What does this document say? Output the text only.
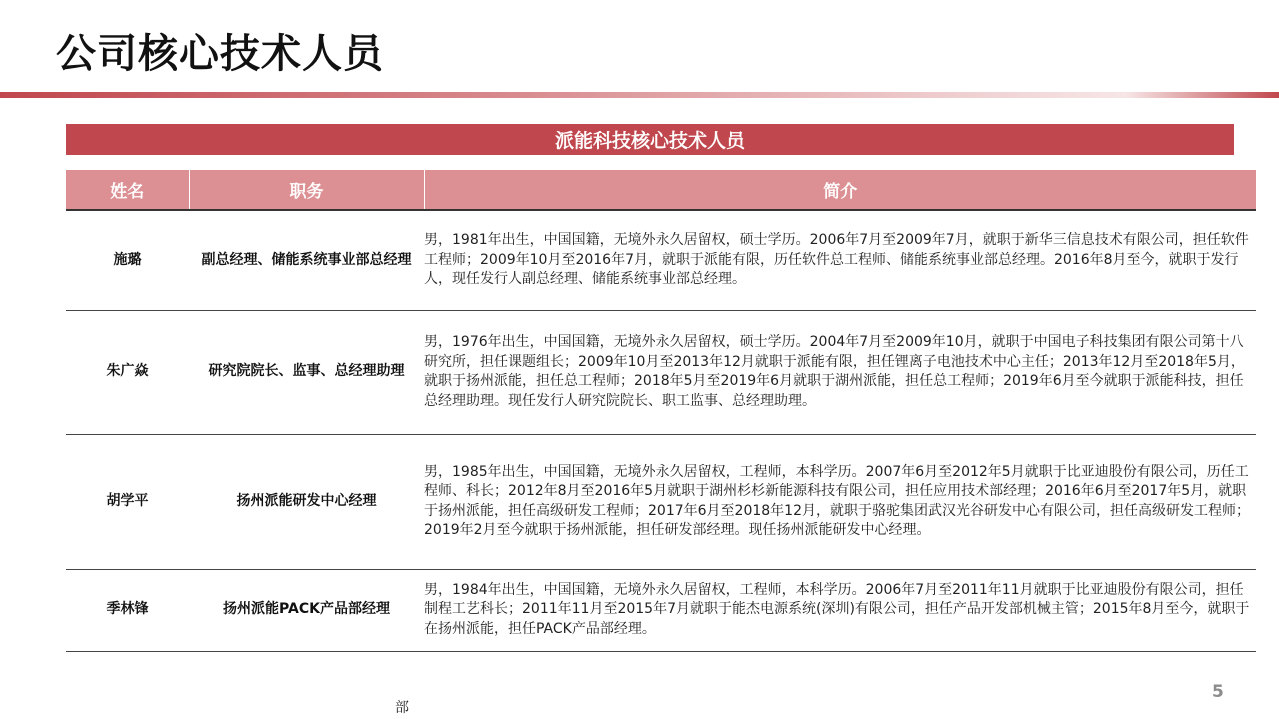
公司核心技术人员
派能科技核心技术人员
姓名	职务	简介
施璐	副总经理、储能系统事业部总经理	男，1981年出生，中国国籍，无境外永久居留权，硕士学历。2006年7月至2009年7月，就职于新华三信息技术有限公司，担任软件工程师；2009年10月至2016年7月，就职于派能有限，历任软件总工程师、储能系统事业部总经理。2016年8月至今，就职于发行人，现任发行人副总经理、储能系统事业部总经理。
朱广焱	研究院院长、监事、总经理助理	男，1976年出生，中国国籍，无境外永久居留权，硕士学历。2004年7月至2009年10月，就职于中国电子科技集团有限公司第十八研究所，担任课题组长；2009年10月至2013年12月就职于派能有限，担任锂离子电池技术中心主任；2013年12月至2018年5月，就职于扬州派能，担任总工程师；2018年5月至2019年6月就职于湖州派能，担任总工程师；2019年6月至今就职于派能科技，担任总经理助理。现任发行人研究院院长、职工监事、总经理助理。
胡学平	扬州派能研发中心经理	男，1985年出生，中国国籍，无境外永久居留权，工程师，本科学历。2007年6月至2012年5月就职于比亚迪股份有限公司，历任工程师、科长；2012年8月至2016年5月就职于湖州杉杉新能源科技有限公司，担任应用技术部经理；2016年6月至2017年5月，就职于扬州派能，担任高级研发工程师；2017年6月至2018年12月，就职于骆驼集团武汉光谷研发中心有限公司，担任高级研发工程师；2019年2月至今就职于扬州派能，担任研发部经理。现任扬州派能研发中心经理。
季林锋	扬州派能PACK产品部经理	男，1984年出生，中国国籍，无境外永久居留权，工程师，本科学历。2006年7月至2011年11月就职于比亚迪股份有限公司，担任制程工艺科长；2011年11月至2015年7月就职于能杰电源系统(深圳)有限公司，担任产品开发部机械主管；2015年8月至今，就职于在扬州派能，担任PACK产品部经理。
部
5
